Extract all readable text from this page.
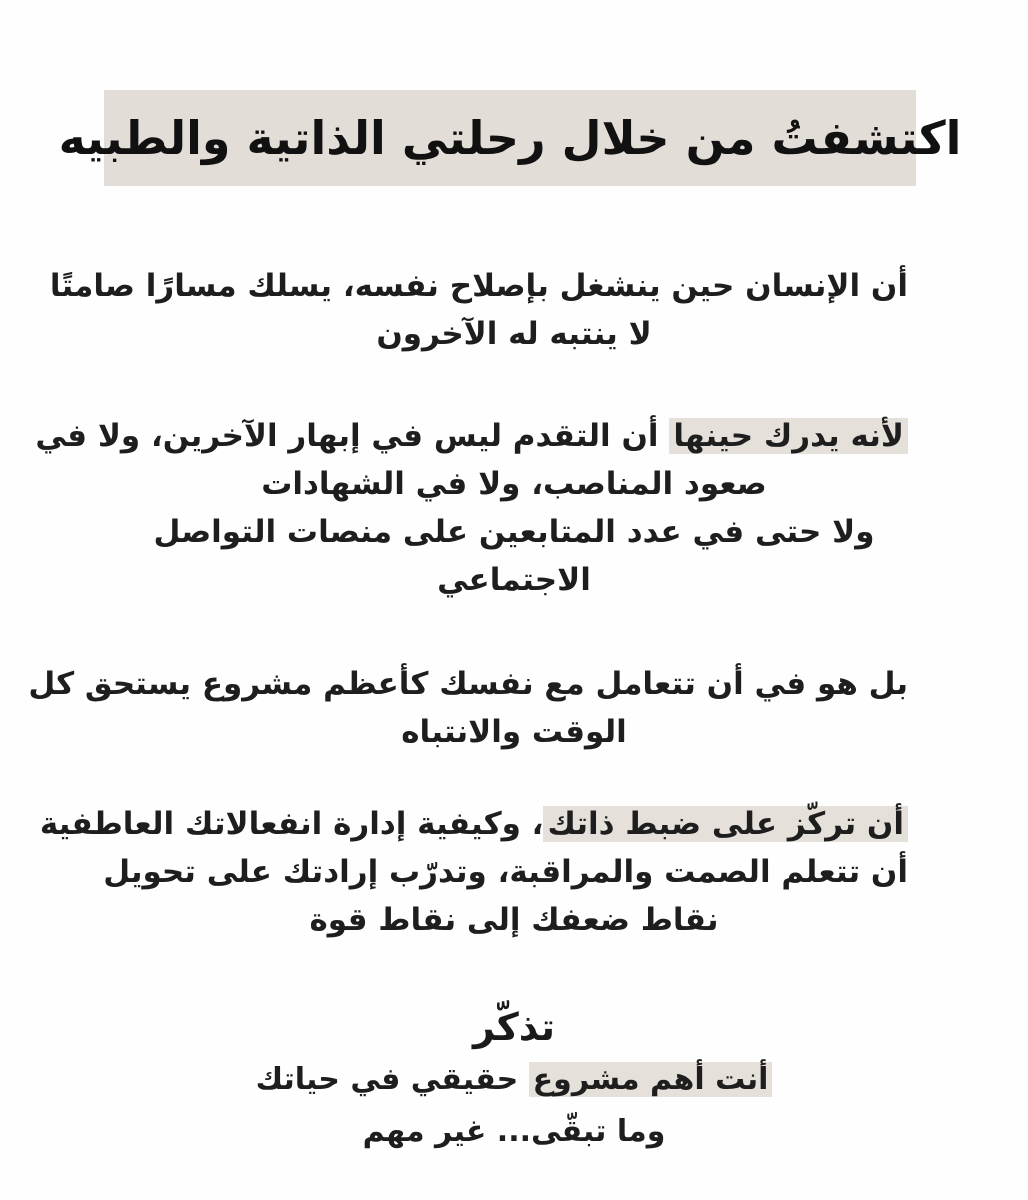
اكتشفتُ من خلال رحلتي الذاتية والطبيه
أن الإنسان حين ينشغل بإصلاح نفسه، يسلك مسارًا صامتًا
لا ينتبه له الآخرون
لأنه يدرك حينها أن التقدم ليس في إبهار الآخرين، ولا في
صعود المناصب، ولا في الشهادات
ولا حتى في عدد المتابعين على منصات التواصل
الاجتماعي
بل هو في أن تتعامل مع نفسك كأعظم مشروع يستحق كل
الوقت والانتباه
أن تركّز على ضبط ذاتك، وكيفية إدارة انفعالاتك العاطفية
أن تتعلم الصمت والمراقبة، وتدرّب إرادتك على تحويل
نقاط ضعفك إلى نقاط قوة
تذكّر
أنت أهم مشروع حقيقي في حياتك
وما تبقّى... غير مهم
